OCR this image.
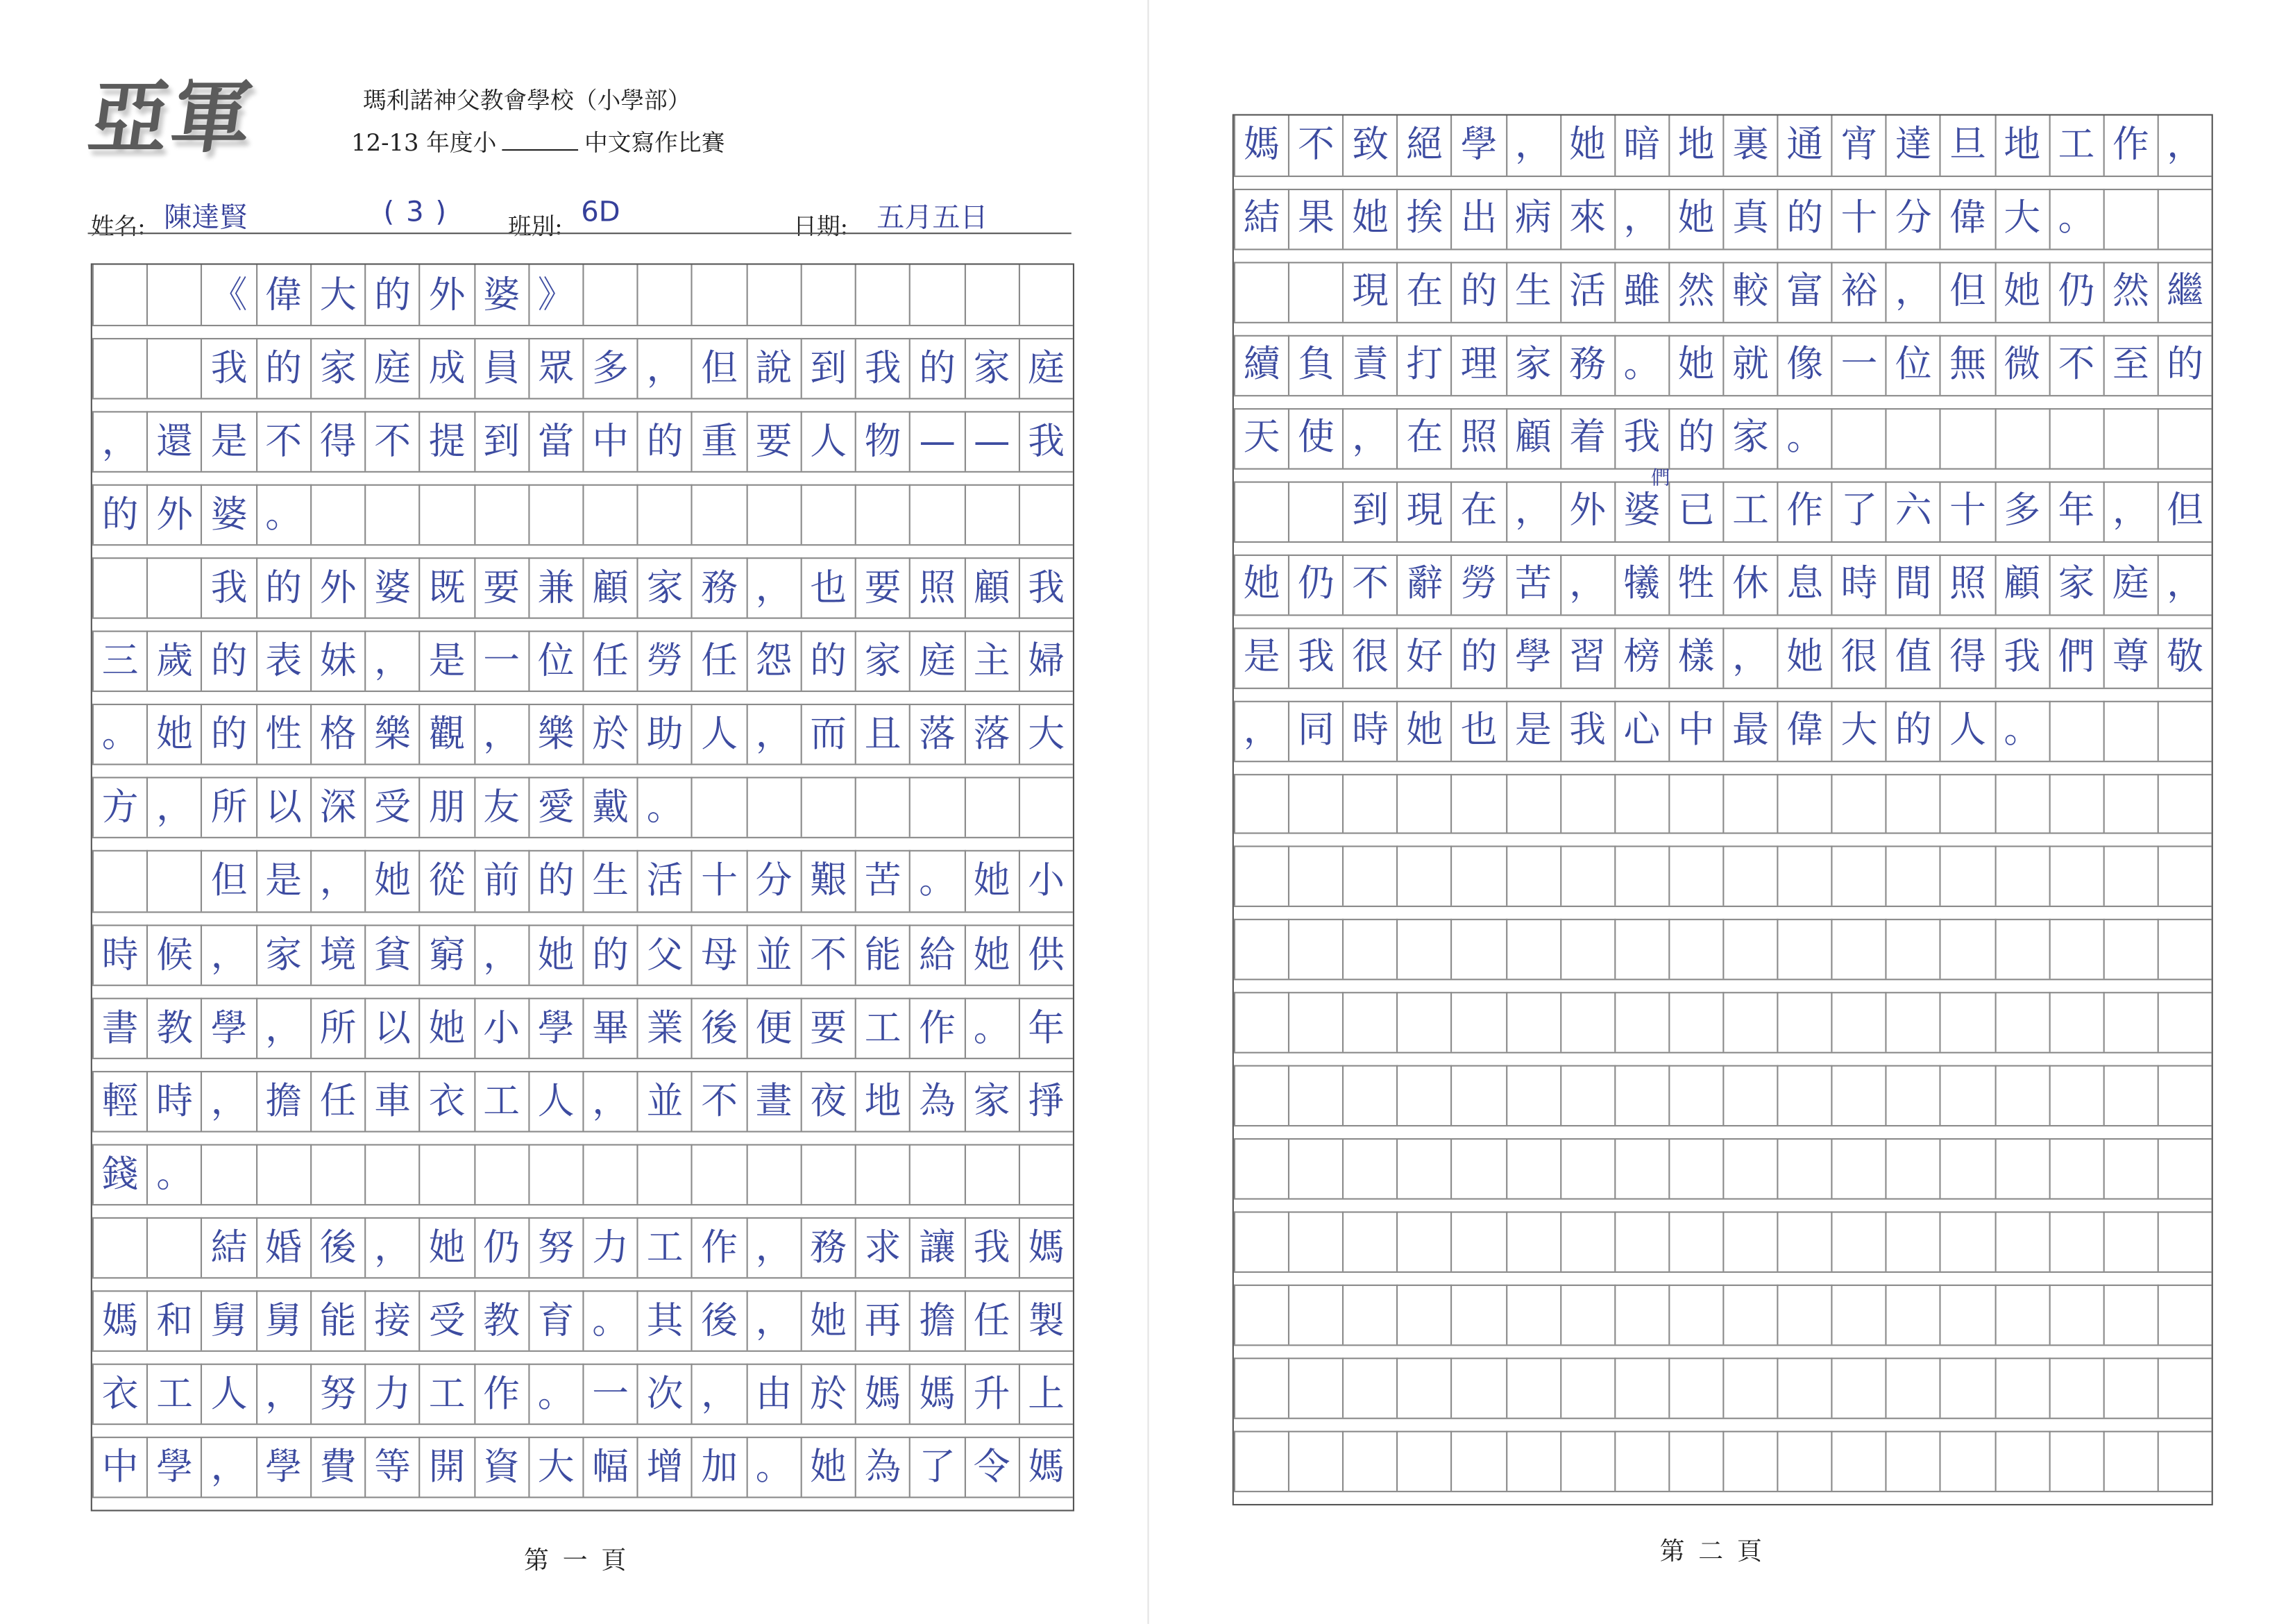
亞軍	瑪利諾神父教會學校（小學部）
12-13 年度小	中文寫作比賽
姓名: 陳達賢	(3)	班別: 6D	日期: 五月五日
《	偉	大	的	外	婆	》
我	的	家	庭	成	員	眾	多	，	但	說	到	我	的	家	庭
，	還	是	不	得	不	提	到	當	中	的	重	要	人	物	—	—	我
的	外	婆	。
我	的	外	婆	既	要	兼	顧	家	務	，	也	要	照	顧	我
三	歲	的	表	妹	，	是	一	位	任	勞	任	怨	的	家	庭	主	婦
。	她	的	性	格	樂	觀	，	樂	於	助	人	，	而	且	落	落	大
方	，	所	以	深	受	朋	友	愛	戴	。
但	是	，	她	從	前	的	生	活	十	分	艱	苦	。	她	小
時	候	，	家	境	貧	窮	，	她	的	父	母	並	不	能	給	她	供
書	教	學	，	所	以	她	小	學	畢	業	後	便	要	工	作	。	年
輕	時	，	擔	任	車	衣	工	人	，	並	不	晝	夜	地	為	家	掙
錢	。
結	婚	後	，	她	仍	努	力	工	作	，	務	求	讓	我	媽
媽	和	舅	舅	能	接	受	教	育	。	其	後	，	她	再	擔	任	製
衣	工	人	，	努	力	工	作	。	一	次	，	由	於	媽	媽	升	上
中	學	，	學	費	等	開	資	大	幅	增	加	。	她	為	了	令	媽
第 一 頁
媽	不	致	絕	學	，	她	暗	地	裏	通	宵	達	旦	地	工	作	，
結	果	她	挨	出	病	來	，	她	真	的	十	分	偉	大	。
現	在	的	生	活	雖	然	較	富	裕	，	但	她	仍	然	繼
續	負	責	打	理	家	務	。	她	就	像	一	位	無	微	不	至	的
天	使	，	在	照	顧	着	我	的	家	。
到	現	在	，	外	婆	已	工	作	了	六	十	多	年	，	但
她	仍	不	辭	勞	苦	，	犧	牲	休	息	時	間	照	顧	家	庭	，
是	我	很	好	的	學	習	榜	樣	，	她	很	值	得	我	們	尊	敬
，	同	時	她	也	是	我	心	中	最	偉	大	的	人	。
們
第 二 頁
